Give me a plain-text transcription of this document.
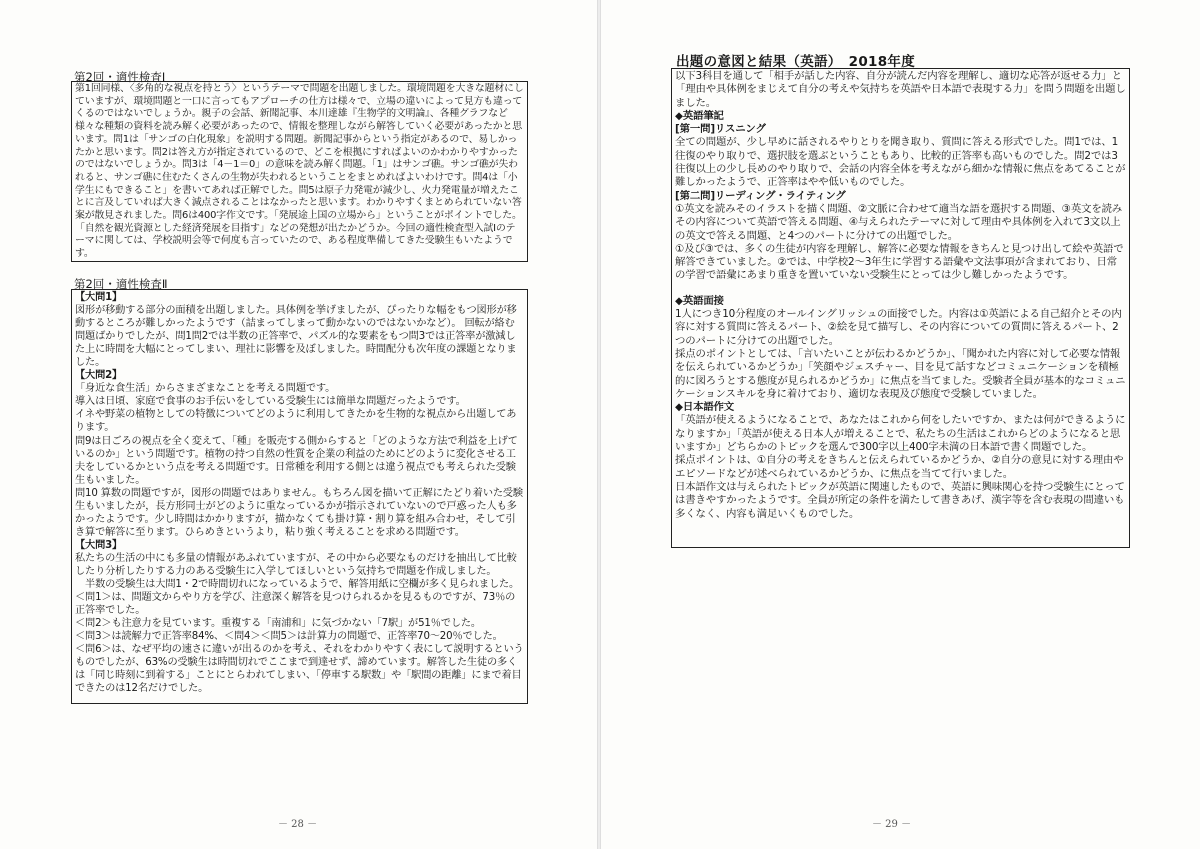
第2回・適性検査Ⅰ

第1回同様、〈多角的な視点を持とう〉というテーマで問題を出題しました。環境問題を大きな題材にしていますが、環境問題と一口に言ってもアプローチの仕方は様々で、立場の違いによって見方も違ってくるのではないでしょうか。親子の会話、新聞記事、本川達雄『生物学的文明論』、各種グラフなど様々な種類の資料を読み解く必要があったので、情報を整理しながら解答していく必要があったかと思います。問1は「サンゴの白化現象」を説明する問題。新聞記事からという指定があるので、易しかったかと思います。問2は答え方が指定されているので、どこを根拠にすればよいのかわかりやすかったのではないでしょうか。問3は「4－1＝0」の意味を読み解く問題。「1」はサンゴ礁。サンゴ礁が失われると、サンゴ礁に住むたくさんの生物が失われるということをまとめればよいわけです。問4は「小学生にもできること」を書いてあれば正解でした。問5は原子力発電が減少し、火力発電量が増えたことに言及していれば大きく減点されることはなかったと思います。わかりやすくまとめられていない答案が散見されました。問6は400字作文です。「発展途上国の立場から」ということがポイントでした。「自然を観光資源とした経済発展を目指す」などの発想が出たかどうか。今回の適性検査型入試Ⅰのテーマに関しては、学校説明会等で何度も言っていたので、ある程度準備してきた受験生もいたようです。

第2回・適性検査Ⅱ
【大問1】

図形が移動する部分の面積を出題しました。具体例を挙げましたが、ぴったりな幅をもつ図形が移動するところが難しかったようです（詰まってしまって動かないのではないかなど）。 回転が絡む問題ばかりでしたが、問1問2では半数の正答率で、パズル的な要素をもつ問3では正答率が激減した上に時間を大幅にとってしまい、理社に影響を及ぼしました。時間配分も次年度の課題となりました。

【大問2】

「身近な食生活」からさまざまなことを考える問題です。

導入は日頃、家庭で食事のお手伝いをしている受験生には簡単な問題だったようです。

イネや野菜の植物としての特徴についてどのように利用してきたかを生物的な視点から出題してあります。

問9は日ごろの視点を全く変えて、「種」を販売する側からすると「どのような方法で利益を上げているのか」という問題です。植物の持つ自然の性質を企業の利益のためにどのように変化させる工夫をしているかという点を考える問題です。日常種を利用する側とは違う視点でも考えられた受験生もいました。

問10 算数の問題ですが，図形の問題ではありません。もちろん図を描いて正解にたどり着いた受験生もいましたが，長方形同士がどのように重なっているかが指示されていないので戸惑った人も多かったようです。少し時間はかかりますが，描かなくても掛け算・割り算を組み合わせ，そして引き算で解答に至ります。ひらめきというより，粘り強く考えることを求める問題です。

【大問3】

私たちの生活の中にも多量の情報があふれていますが、その中から必要なものだけを抽出して比較したり分析したりする力のある受験生に入学してほしいという気持ちで問題を作成しました。

　半数の受験生は大問1・2で時間切れになっているようで、解答用紙に空欄が多く見られました。

＜問1＞は、問題文からやり方を学び、注意深く解答を見つけられるかを見るものですが、73％の正答率でした。

＜問2＞も注意力を見ています。重複する「南浦和」に気づかない「7駅」が51％でした。

＜問3＞は読解力で正答率84%、＜問4＞＜問5＞は計算力の問題で、正答率70～20％でした。

＜問6＞は、なぜ平均の速さに違いが出るのかを考え、それをわかりやすく表にして説明するというものでしたが、63%の受験生は時間切れでここまで到達せず、諦めています。解答した生徒の多くは「同じ時刻に到着する」ことにとらわれてしまい、「停車する駅数」や「駅間の距離」にまで着目できたのは12名だけでした。

－ 28 －
出題の意図と結果（英語）　2018年度

以下3科目を通して「相手が話した内容、自分が読んだ内容を理解し、適切な応答が返せる力」と「理由や具体例をまじえて自分の考えや気持ちを英語や日本語で表現する力」を問う問題を出題しました。

◆英語筆記
[第一問]リスニング

全ての問題が、少し早めに話されるやりとりを聞き取り、質問に答える形式でした。問1では、1往復のやり取りで、選択肢を選ぶということもあり、比較的正答率も高いものでした。問2では3往復以上の少し長めのやり取りで、会話の内容全体を考えながら細かな情報に焦点をあてることが難しかったようで、正答率はやや低いものでした。

[第二問]リーディング・ライティング

①英文を読みそのイラストを描く問題、②文脈に合わせて適当な語を選択する問題、③英文を読みその内容について英語で答える問題、④与えられたテーマに対して理由や具体例を入れて3文以上の英文で答える問題、と4つのパートに分けての出題でした。

①及び③では、多くの生徒が内容を理解し、解答に必要な情報をきちんと見つけ出して絵や英語で解答できていました。②では、中学校2～3年生に学習する語彙や文法事項が含まれており、日常の学習で語彙にあまり重きを置いていない受験生にとっては少し難しかったようです。

◆英語面接

1人につき10分程度のオールイングリッシュの面接でした。内容は①英語による自己紹介とその内容に対する質問に答えるパート、②絵を見て描写し、その内容についての質問に答えるパート、2つのパートに分けての出題でした。

採点のポイントとしては、「言いたいことが伝わるかどうか」、「聞かれた内容に対して必要な情報を伝えられているかどうか」「笑顔やジェスチャー、目を見て話すなどコミュニケーションを積極的に図ろうとする態度が見られるかどうか」に焦点を当てました。受験者全員が基本的なコミュニケーションスキルを身に着けており、適切な表現及び態度で受験していました。

◆日本語作文

「英語が使えるようになることで、あなたはこれから何をしたいですか、または何ができるようになりますか」「英語が使える日本人が増えることで、私たちの生活はこれからどのようになると思いますか」どちらかのトピックを選んで300字以上400字未満の日本語で書く問題でした。

採点ポイントは、①自分の考えをきちんと伝えられているかどうか、②自分の意見に対する理由やエピソードなどが述べられているかどうか、に焦点を当てて行いました。

日本語作文は与えられたトピックが英語に関連したもので、英語に興味関心を持つ受験生にとっては書きやすかったようです。全員が所定の条件を満たして書きあげ、漢字等を含む表現の間違いも多くなく、内容も満足いくものでした。

－ 29 －
